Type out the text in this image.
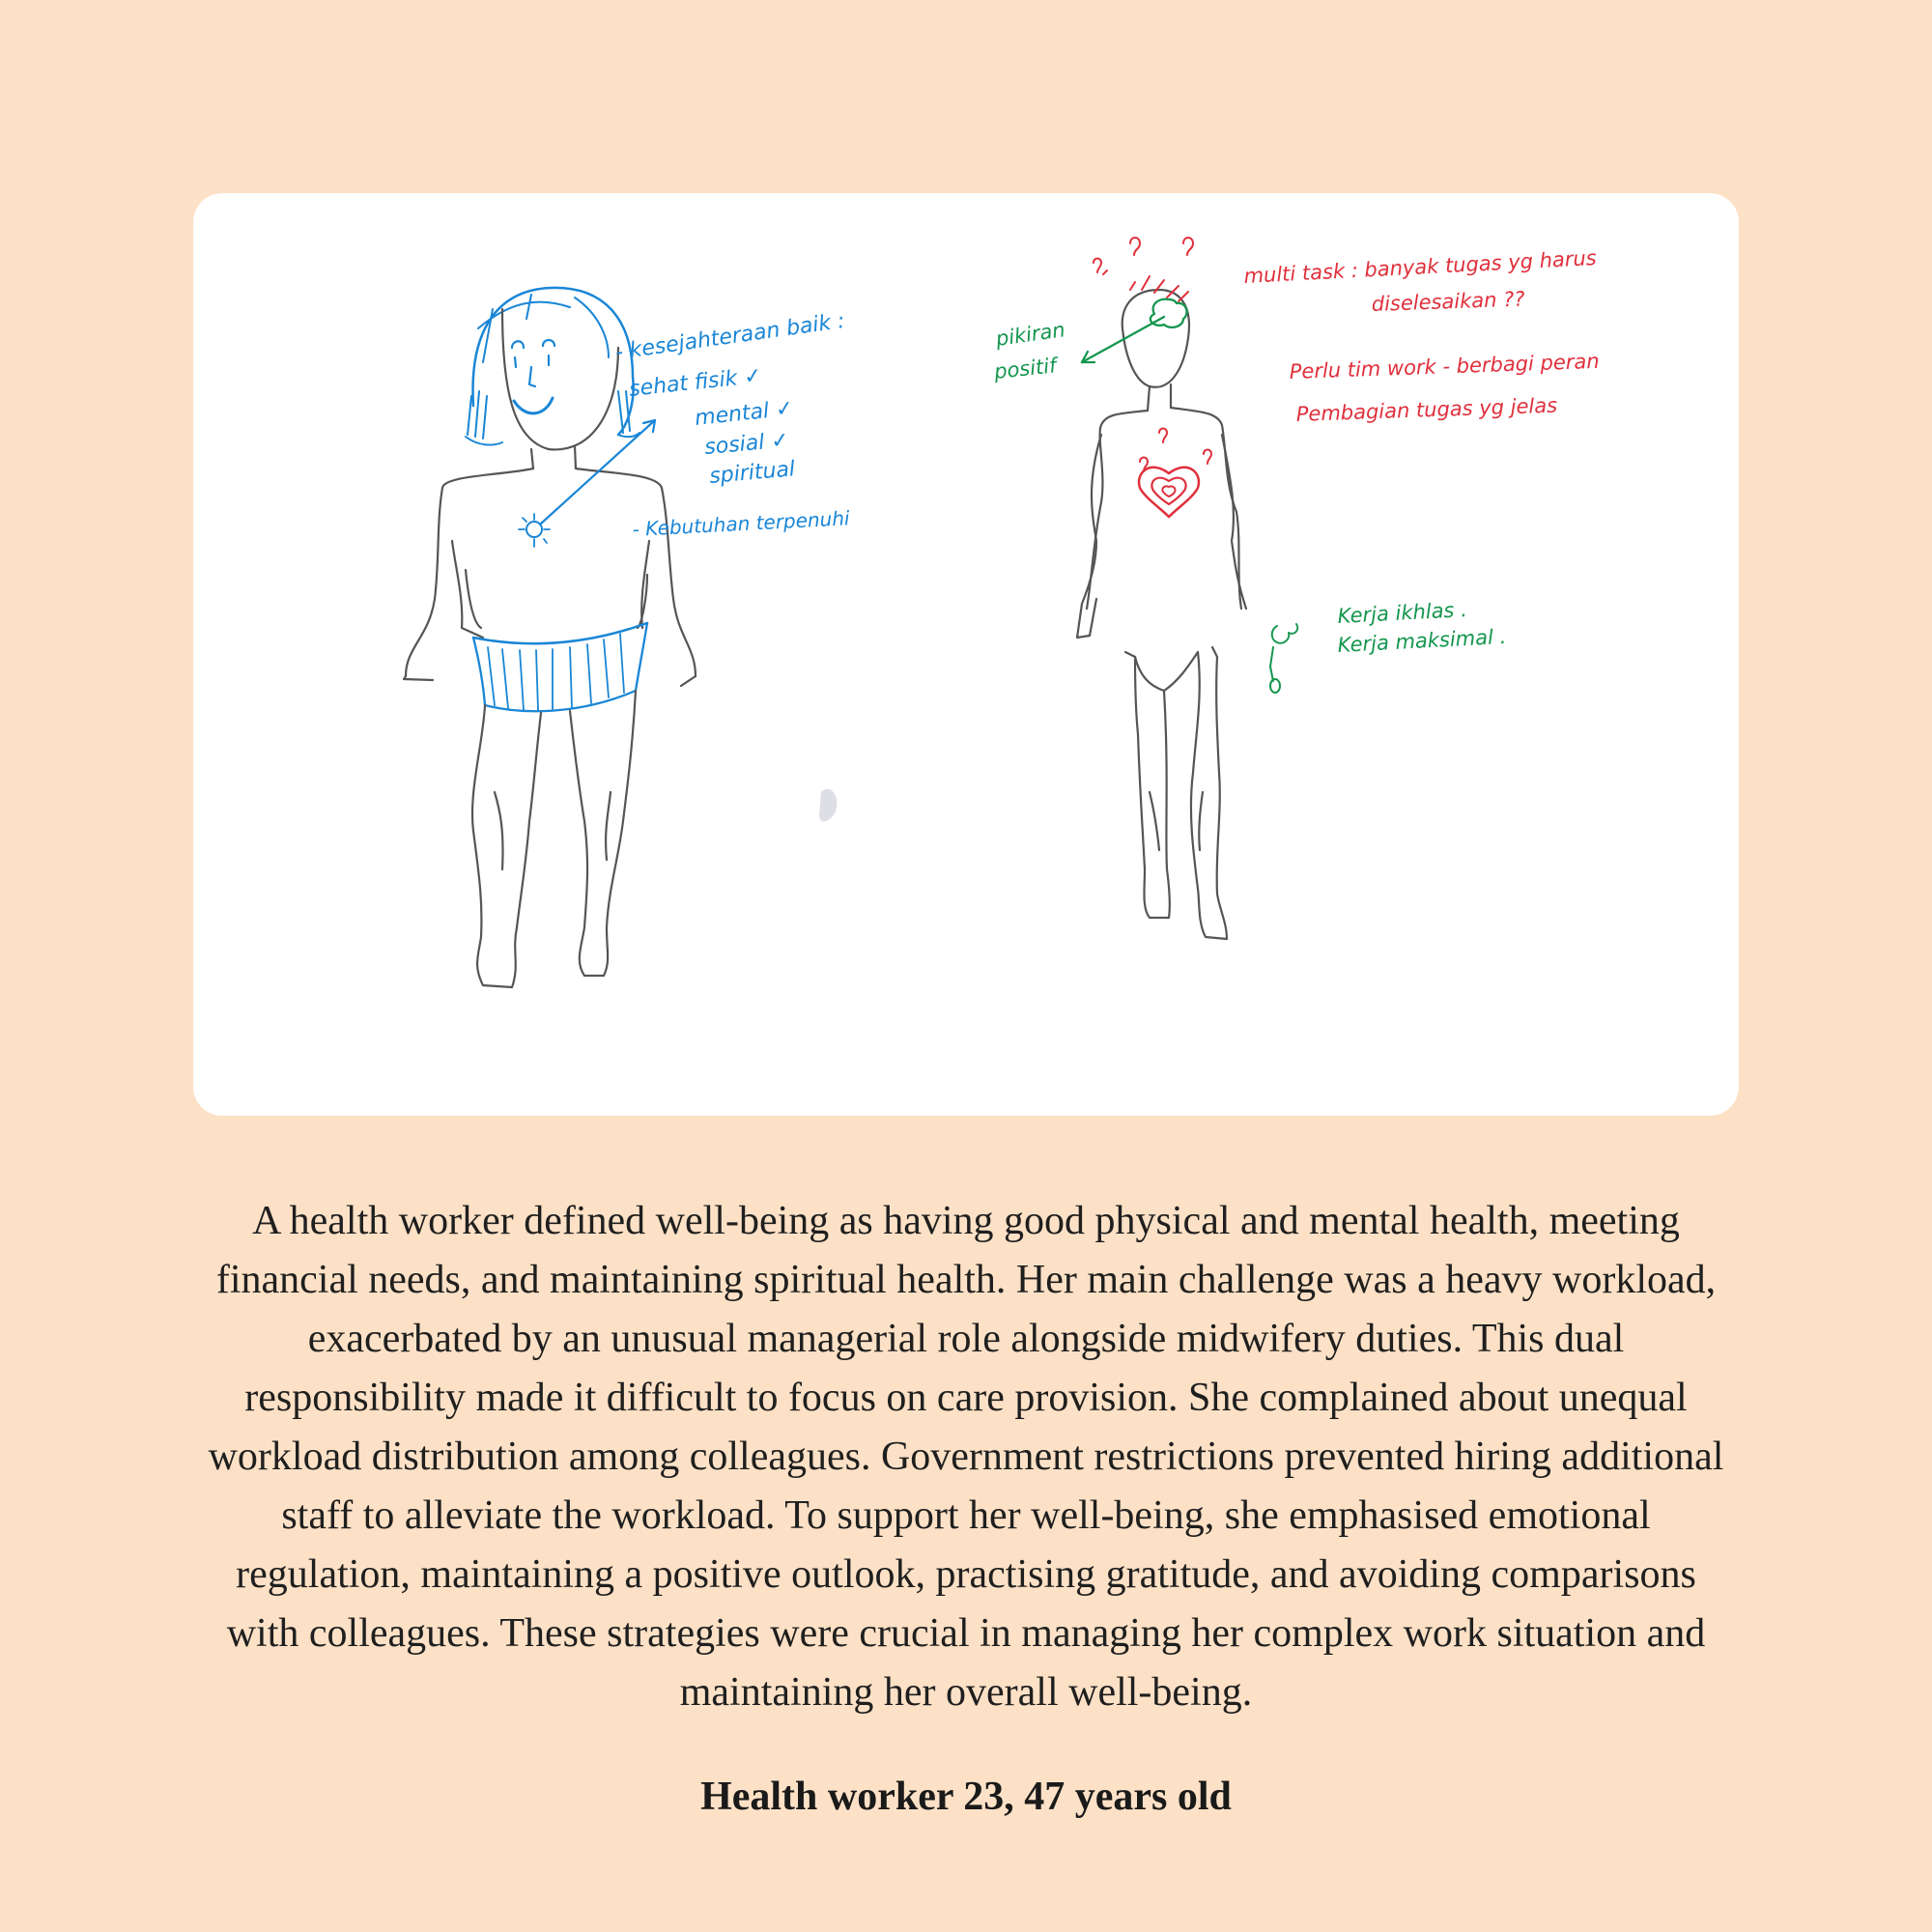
- kesejahteraan baik :
sehat fisik ✓
mental ✓
sosial ✓
spiritual
- Kebutuhan terpenuhi
multi task : banyak tugas yg harus
diselesaikan ??
Perlu tim work - berbagi peran
Pembagian tugas yg jelas
pikiran
positif
Kerja ikhlas .
Kerja maksimal .

A health worker defined well-being as having good physical and mental health, meeting financial needs, and maintaining spiritual health. Her main challenge was a heavy workload, exacerbated by an unusual managerial role alongside midwifery duties. This dual responsibility made it difficult to focus on care provision. She complained about unequal workload distribution among colleagues. Government restrictions prevented hiring additional staff to alleviate the workload. To support her well-being, she emphasised emotional regulation, maintaining a positive outlook, practising gratitude, and avoiding comparisons with colleagues. These strategies were crucial in managing her complex work situation and maintaining her overall well-being.

Health worker 23, 47 years old
